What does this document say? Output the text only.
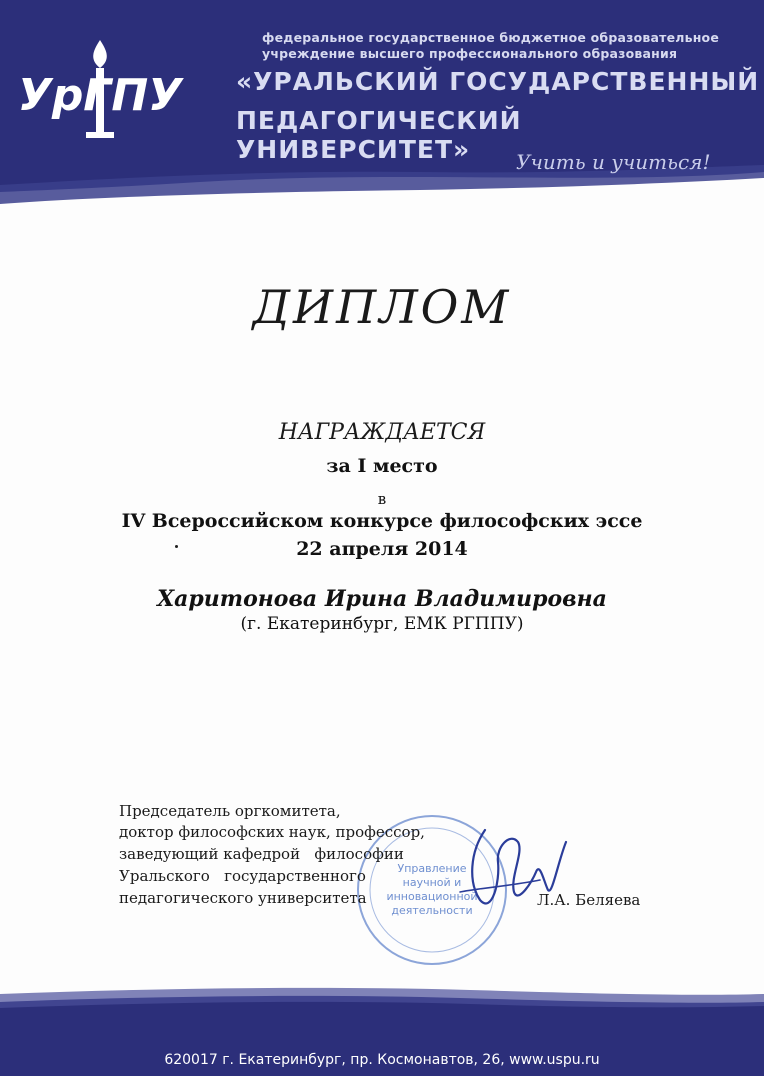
УрГПУ
федеральное государственное бюджетное образовательное
учреждение высшего профессионального образования
«УРАЛЬСКИЙ ГОСУДАРСТВЕННЫЙ
ПЕДАГОГИЧЕСКИЙ УНИВЕРСИТЕТ»	Учить и учиться!
ДИПЛОМ
НАГРАЖДАЕТСЯ
за I место
в
IV Всероссийском конкурсе философских эссе
22 апреля 2014
Харитонова Ирина Владимировна
(г. Екатеринбург, ЕМК РГППУ)
Управление
научной и
инновационной
деятельности
Председатель оргкомитета,
доктор философских наук, профессор,
заведующий кафедрой   философии
Уральского   государственного
педагогического университета	Л.А. Беляева
620017 г. Екатеринбург, пр. Космонавтов, 26, www.uspu.ru
